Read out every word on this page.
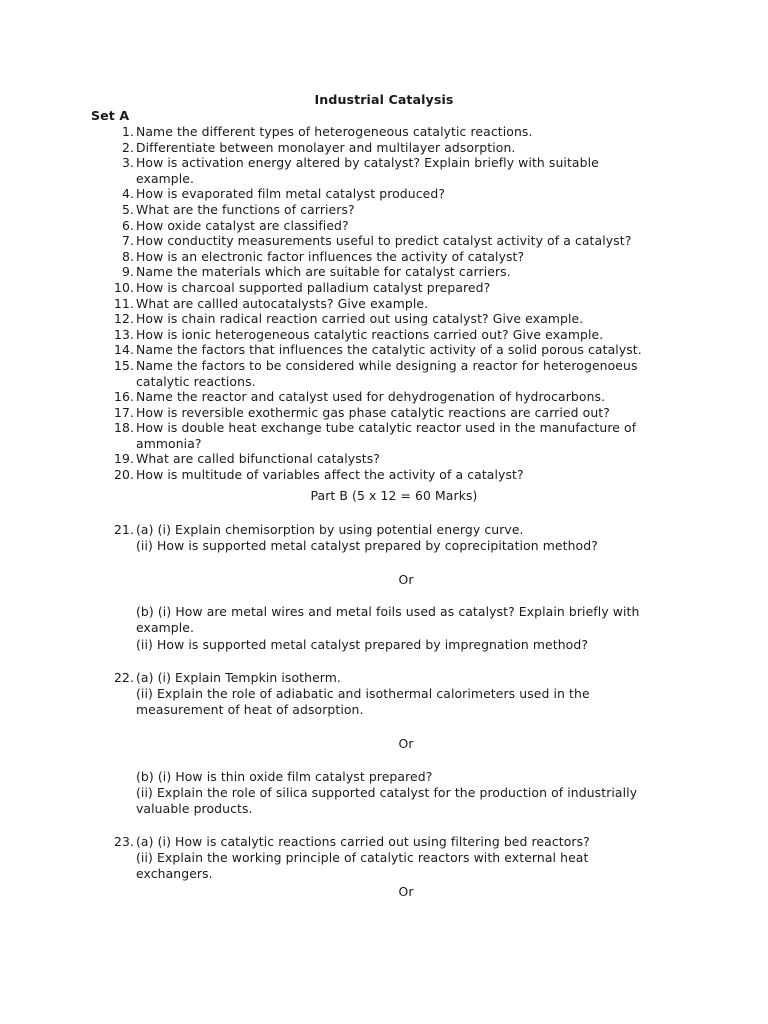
Industrial Catalysis
Set A
1. Name the different types of heterogeneous catalytic reactions.
2. Differentiate between monolayer and multilayer adsorption.
3. How is activation energy altered by catalyst? Explain briefly with suitable example.
4. How is evaporated film metal catalyst produced?
5. What are the functions of carriers?
6. How oxide catalyst are classified?
7. How conductity measurements useful to predict catalyst activity of a catalyst?
8. How is an electronic factor influences the activity of catalyst?
9. Name the materials which are suitable for catalyst carriers.
10. How is charcoal supported palladium catalyst prepared?
11. What are callled autocatalysts? Give example.
12. How is chain radical reaction carried out using catalyst? Give example.
13. How is ionic heterogeneous catalytic reactions carried out? Give example.
14. Name the factors that influences the catalytic activity of a solid porous catalyst.
15. Name the factors to be considered while designing a reactor for heterogenoeus catalytic reactions.
16. Name the reactor and catalyst used for dehydrogenation of hydrocarbons.
17. How is reversible exothermic gas phase catalytic reactions are carried out?
18. How is double heat exchange tube catalytic reactor used in the manufacture of ammonia?
19. What are called bifunctional catalysts?
20. How is multitude of variables affect the activity of a catalyst?
Part B (5 x 12 = 60 Marks)
21. (a) (i) Explain chemisorption by using potential energy curve.
(ii) How is supported metal catalyst prepared by coprecipitation method?
Or
(b) (i) How are metal wires and metal foils used as catalyst? Explain briefly with example.
(ii) How is supported metal catalyst prepared by impregnation method?
22. (a) (i) Explain Tempkin isotherm.
(ii) Explain the role of adiabatic and isothermal calorimeters used in the measurement of heat of adsorption.
Or
(b) (i) How is thin oxide film catalyst prepared?
(ii) Explain the role of silica supported catalyst for the production of industrially valuable products.
23. (a) (i) How is catalytic reactions carried out using filtering bed reactors?
(ii) Explain the working principle of catalytic reactors with external heat exchangers.
Or
